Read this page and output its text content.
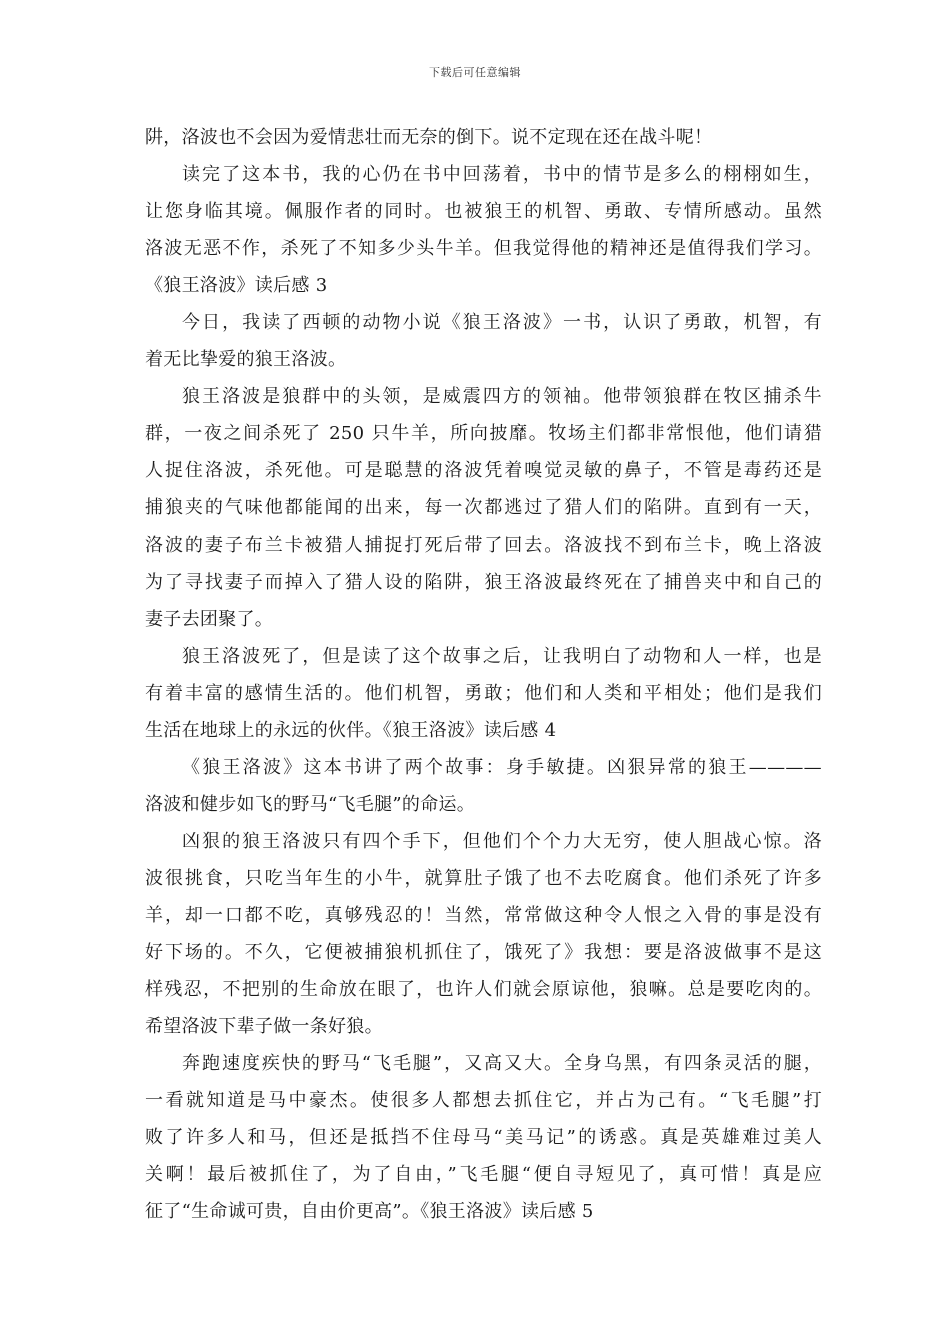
下载后可任意编辑
阱，洛波也不会因为爱情悲壮而无奈的倒下。说不定现在还在战斗呢！
读完了这本书，我的心仍在书中回荡着，书中的情节是多么的栩栩如生，
让您身临其境。佩服作者的同时。也被狼王的机智、勇敢、专情所感动。虽然
洛波无恶不作，杀死了不知多少头牛羊。但我觉得他的精神还是值得我们学习。
《狼王洛波》读后感 3
今日，我读了西顿的动物小说《狼王洛波》一书，认识了勇敢，机智，有
着无比挚爱的狼王洛波。
狼王洛波是狼群中的头领，是威震四方的领袖。他带领狼群在牧区捕杀牛
群，一夜之间杀死了 250 只牛羊，所向披靡。牧场主们都非常恨他，他们请猎
人捉住洛波，杀死他。可是聪慧的洛波凭着嗅觉灵敏的鼻子，不管是毒药还是
捕狼夹的气味他都能闻的出来，每一次都逃过了猎人们的陷阱。直到有一天，
洛波的妻子布兰卡被猎人捕捉打死后带了回去。洛波找不到布兰卡，晚上洛波
为了寻找妻子而掉入了猎人设的陷阱，狼王洛波最终死在了捕兽夹中和自己的
妻子去团聚了。
狼王洛波死了，但是读了这个故事之后，让我明白了动物和人一样，也是
有着丰富的感情生活的。他们机智，勇敢；他们和人类和平相处；他们是我们
生活在地球上的永远的伙伴。《狼王洛波》读后感 4
《狼王洛波》这本书讲了两个故事：身手敏捷。凶狠异常的狼王————
洛波和健步如飞的野马“飞毛腿”的命运。
凶狠的狼王洛波只有四个手下，但他们个个力大无穷，使人胆战心惊。洛
波很挑食，只吃当年生的小牛，就算肚子饿了也不去吃腐食。他们杀死了许多
羊，却一口都不吃，真够残忍的！当然，常常做这种令人恨之入骨的事是没有
好下场的。不久，它便被捕狼机抓住了，饿死了》我想：要是洛波做事不是这
样残忍，不把别的生命放在眼了，也许人们就会原谅他，狼嘛。总是要吃肉的。
希望洛波下辈子做一条好狼。
奔跑速度疾快的野马“飞毛腿”，又高又大。全身乌黑，有四条灵活的腿，
一看就知道是马中豪杰。使很多人都想去抓住它，并占为己有。“飞毛腿”打
败了许多人和马，但还是抵挡不住母马“美马记”的诱惑。真是英雄难过美人
关啊！最后被抓住了，为了自由，”飞毛腿“便自寻短见了，真可惜！真是应
征了“生命诚可贵，自由价更高”。《狼王洛波》读后感 5
